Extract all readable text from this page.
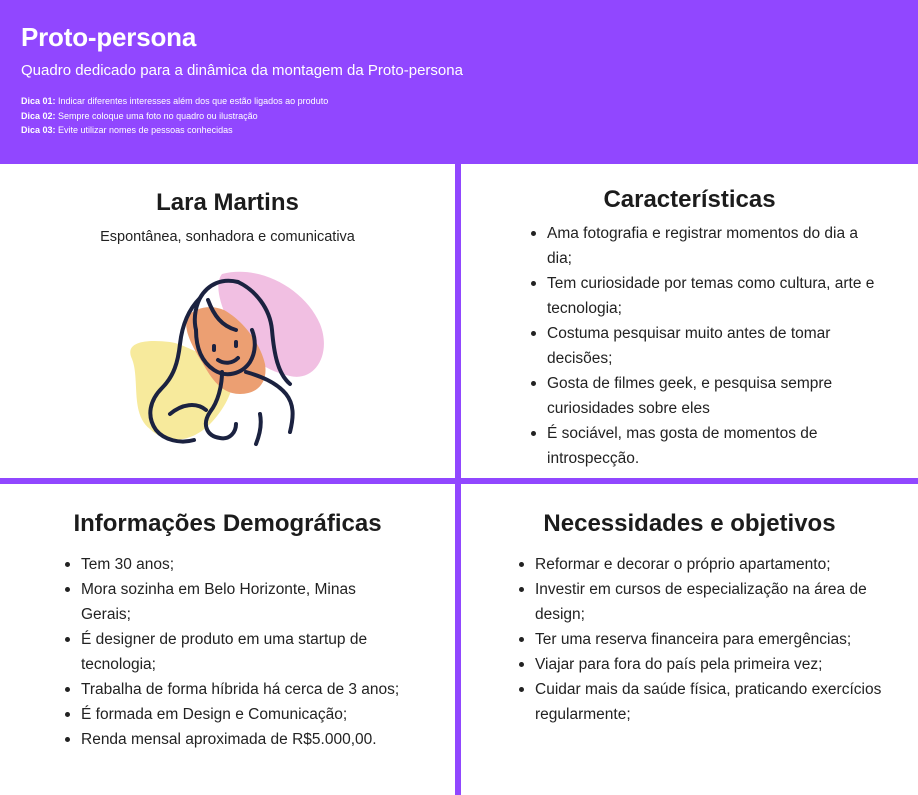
Proto-persona
Quadro dedicado para a dinâmica da montagem da Proto-persona
Dica 01: Indicar diferentes interesses além dos que estão ligados ao produto
Dica 02: Sempre coloque uma foto no quadro ou ilustração
Dica 03: Evite utilizar nomes de pessoas conhecidas
Lara Martins
Espontânea, sonhadora e comunicativa
Características
Ama fotografia e registrar momentos do dia a dia;
Tem curiosidade por temas como cultura, arte e tecnologia;
Costuma pesquisar muito antes de tomar decisões;
Gosta de filmes geek, e pesquisa sempre curiosidades sobre eles
É sociável, mas gosta de momentos de introspecção.
Informações Demográficas
Tem 30 anos;
Mora sozinha em Belo Horizonte, Minas Gerais;
É designer de produto em uma startup de tecnologia;
Trabalha de forma híbrida há cerca de 3 anos;
É formada em Design e Comunicação;
Renda mensal aproximada de R$5.000,00.
Necessidades e objetivos
Reformar e decorar o próprio apartamento;
Investir em cursos de especialização na área de design;
Ter uma reserva financeira para emergências;
Viajar para fora do país pela primeira vez;
Cuidar mais da saúde física, praticando exercícios regularmente;
